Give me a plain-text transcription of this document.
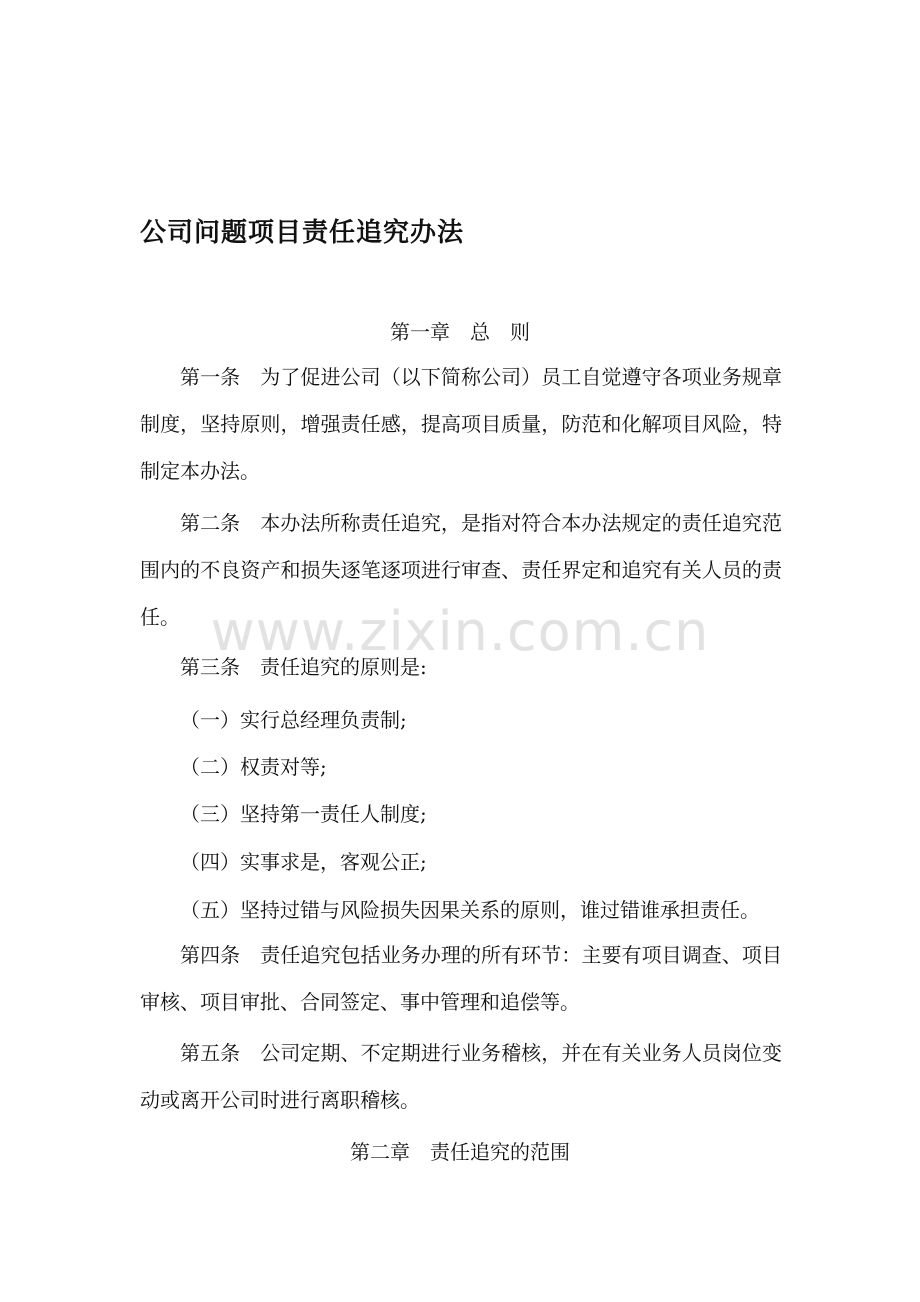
公司问题项目责任追究办法
第一章　总　则

第一条　为了促进公司（以下简称公司）员工自觉遵守各项业务规章制度，坚持原则，增强责任感，提高项目质量，防范和化解项目风险，特制定本办法。

第二条　本办法所称责任追究，是指对符合本办法规定的责任追究范围内的不良资产和损失逐笔逐项进行审查、责任界定和追究有关人员的责任。 www.zixin.com.cn

第三条　责任追究的原则是:

（一）实行总经理负责制;
（二）权责对等;
（三）坚持第一责任人制度;
（四）实事求是，客观公正;
（五）坚持过错与风险损失因果关系的原则，谁过错谁承担责任。

第四条　责任追究包括业务办理的所有环节：主要有项目调查、项目审核、项目审批、合同签定、事中管理和追偿等。

第五条　公司定期、不定期进行业务稽核，并在有关业务人员岗位变动或离开公司时进行离职稽核。

第二章　责任追究的范围
